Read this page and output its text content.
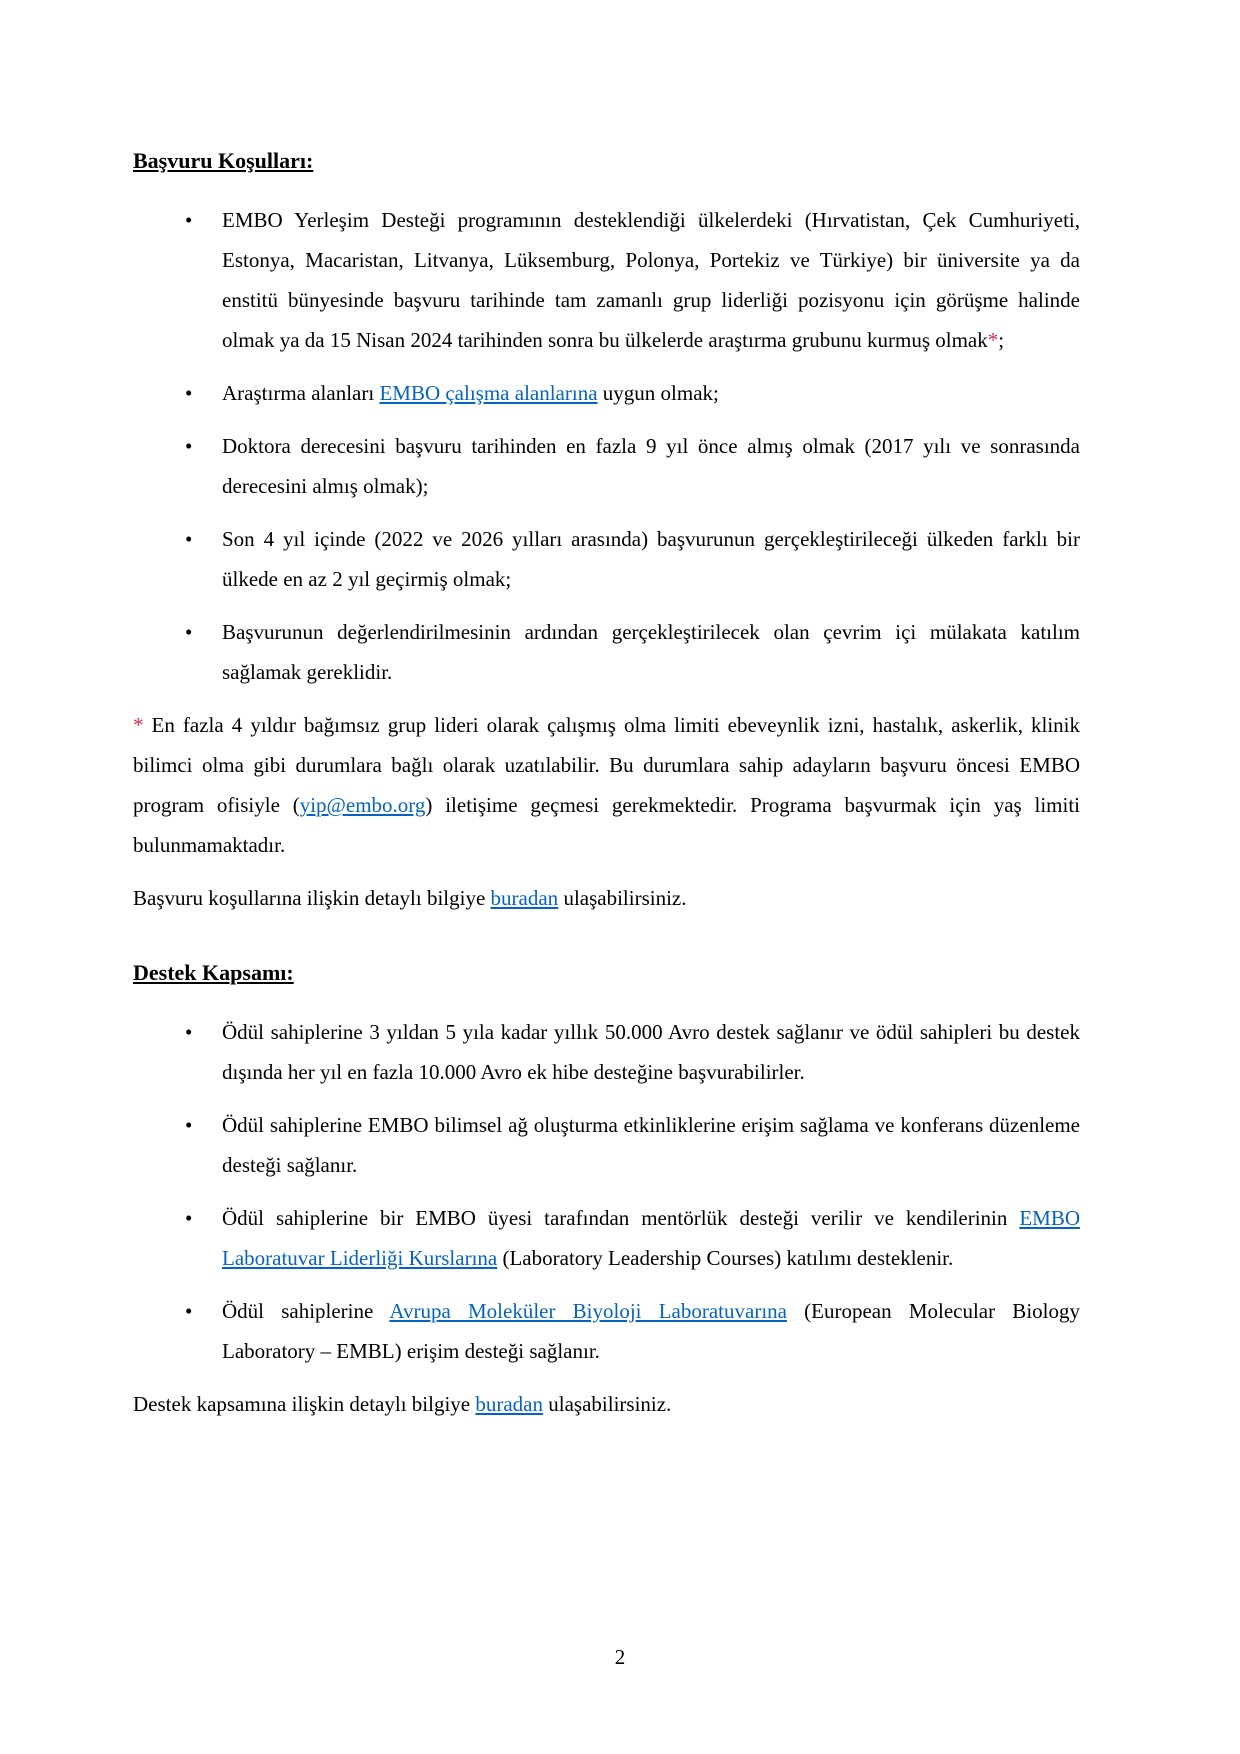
Başvuru Koşulları:
• EMBO Yerleşim Desteği programının desteklendiği ülkelerdeki (Hırvatistan, Çek Cumhuriyeti, Estonya, Macaristan, Litvanya, Lüksemburg, Polonya, Portekiz ve Türkiye) bir üniversite ya da enstitü bünyesinde başvuru tarihinde tam zamanlı grup liderliği pozisyonu için görüşme halinde olmak ya da 15 Nisan 2024 tarihinden sonra bu ülkelerde araştırma grubunu kurmuş olmak*;
• Araştırma alanları EMBO çalışma alanlarına uygun olmak;
• Doktora derecesini başvuru tarihinden en fazla 9 yıl önce almış olmak (2017 yılı ve sonrasında derecesini almış olmak);
• Son 4 yıl içinde (2022 ve 2026 yılları arasında) başvurunun gerçekleştirileceği ülkeden farklı bir ülkede en az 2 yıl geçirmiş olmak;
• Başvurunun değerlendirilmesinin ardından gerçekleştirilecek olan çevrim içi mülakata katılım sağlamak gereklidir.
* En fazla 4 yıldır bağımsız grup lideri olarak çalışmış olma limiti ebeveynlik izni, hastalık, askerlik, klinik bilimci olma gibi durumlara bağlı olarak uzatılabilir. Bu durumlara sahip adayların başvuru öncesi EMBO program ofisiyle (yip@embo.org) iletişime geçmesi gerekmektedir. Programa başvurmak için yaş limiti bulunmamaktadır.
Başvuru koşullarına ilişkin detaylı bilgiye buradan ulaşabilirsiniz.
Destek Kapsamı:
• Ödül sahiplerine 3 yıldan 5 yıla kadar yıllık 50.000 Avro destek sağlanır ve ödül sahipleri bu destek dışında her yıl en fazla 10.000 Avro ek hibe desteğine başvurabilirler.
• Ödül sahiplerine EMBO bilimsel ağ oluşturma etkinliklerine erişim sağlama ve konferans düzenleme desteği sağlanır.
• Ödül sahiplerine bir EMBO üyesi tarafından mentörlük desteği verilir ve kendilerinin EMBO Laboratuvar Liderliği Kurslarına (Laboratory Leadership Courses) katılımı desteklenir.
• Ödül sahiplerine Avrupa Moleküler Biyoloji Laboratuvarına (European Molecular Biology Laboratory – EMBL) erişim desteği sağlanır.
Destek kapsamına ilişkin detaylı bilgiye buradan ulaşabilirsiniz.
2
